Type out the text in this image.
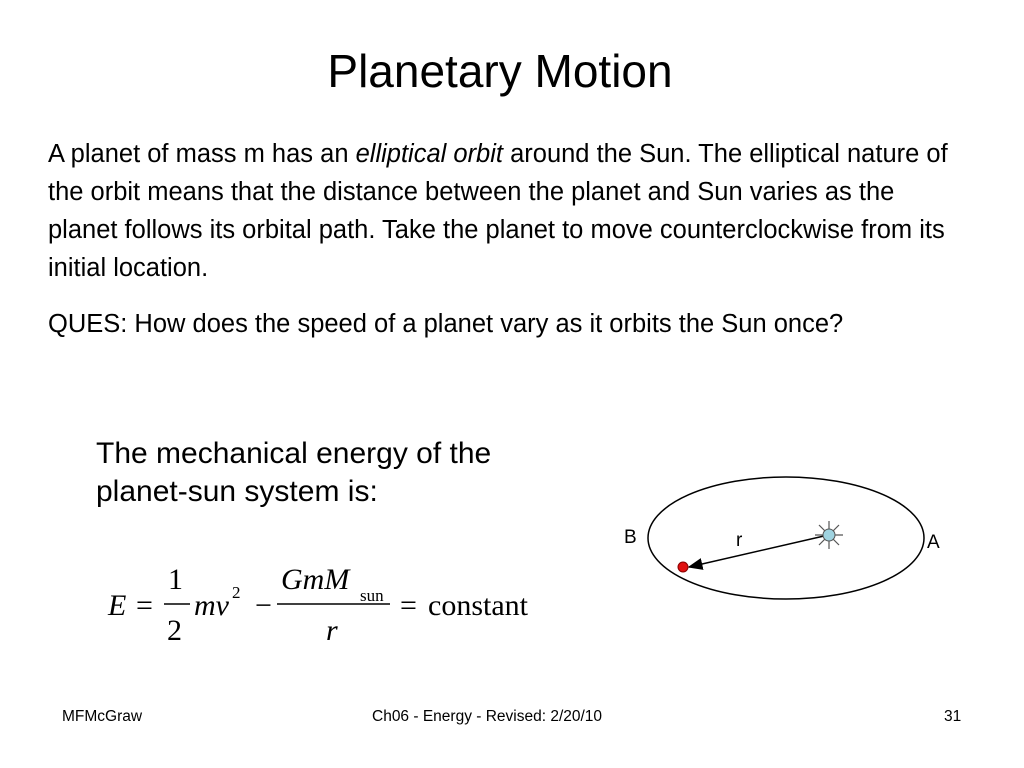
Planetary Motion

A planet of mass m has an elliptical orbit around the Sun. The elliptical nature of the orbit means that the distance between the planet and Sun varies as the planet follows its orbital path. Take the planet to move counterclockwise from its initial location.

QUES: How does the speed of a planet vary as it orbits the Sun once?

The mechanical energy of the planet-sun system is:

E =
1
2
mv 2 −
GmM sun
r
= constant
B	A
r
MFMcGraw	Ch06 - Energy - Revised: 2/20/10	31
